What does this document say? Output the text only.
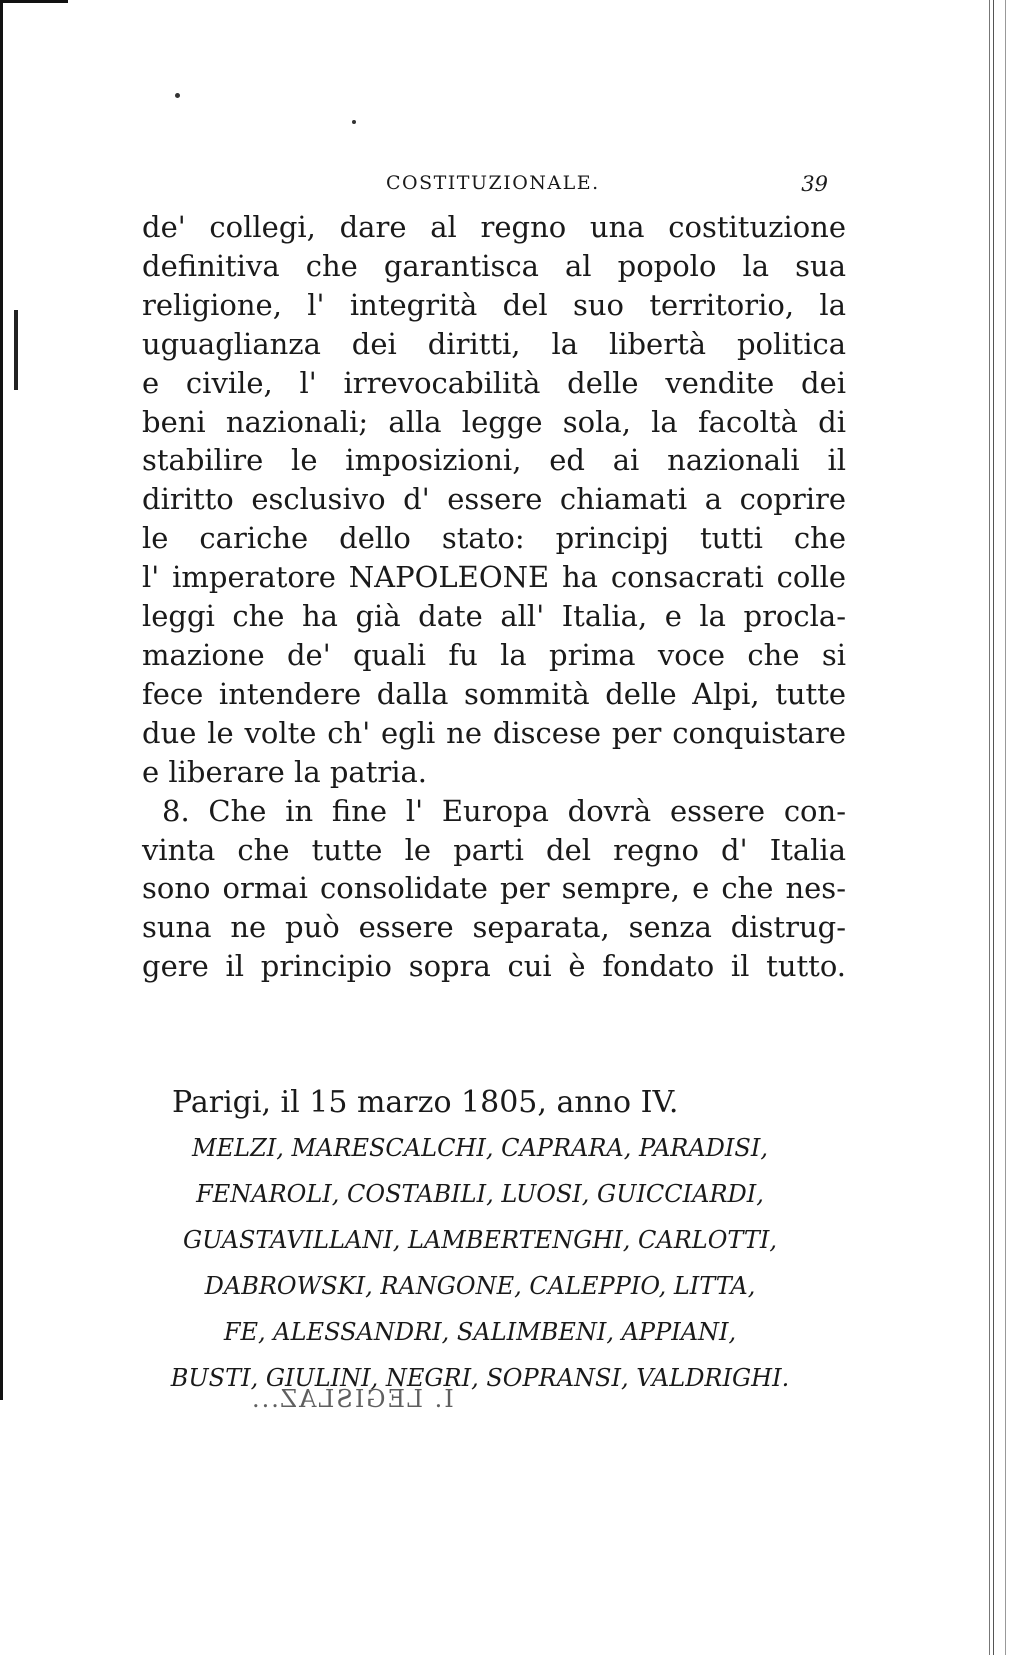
COSTITUZIONALE.	39

de' collegi, dare al regno una costituzione
definitiva che garantisca al popolo la sua
religione, l' integrità del suo territorio, la
uguaglianza dei diritti, la libertà politica
e civile, l' irrevocabilità delle vendite dei
beni nazionali; alla legge sola, la facoltà di
stabilire le imposizioni, ed ai nazionali il
diritto esclusivo d' essere chiamati a coprire
le cariche dello stato: principj tutti che
l' imperatore NAPOLEONE ha consacrati colle
leggi che ha già date all' Italia, e la procla-
mazione de' quali fu la prima voce che si
fece intendere dalla sommità delle Alpi, tutte
due le volte ch' egli ne discese per conquistare
e liberare la patria.
8. Che in fine l' Europa dovrà essere con-
vinta che tutte le parti del regno d' Italia
sono ormai consolidate per sempre, e che nes-
suna ne può essere separata, senza distrug-
gere il principio sopra cui è fondato il tutto.

Parigi, il 15 marzo 1805, anno IV.

MELZI, MARESCALCHI, CAPRARA, PARADISI,
FENAROLI, COSTABILI, LUOSI, GUICCIARDI,
GUASTAVILLANI, LAMBERTENGHI, CARLOTTI,
DABROWSKI, RANGONE, CALEPPIO, LITTA,
FE, ALESSANDRI, SALIMBENI, APPIANI,
BUSTI, GIULINI, NEGRI, SOPRANSI, VALDRIGHI.

I. LEGISLAZ...
